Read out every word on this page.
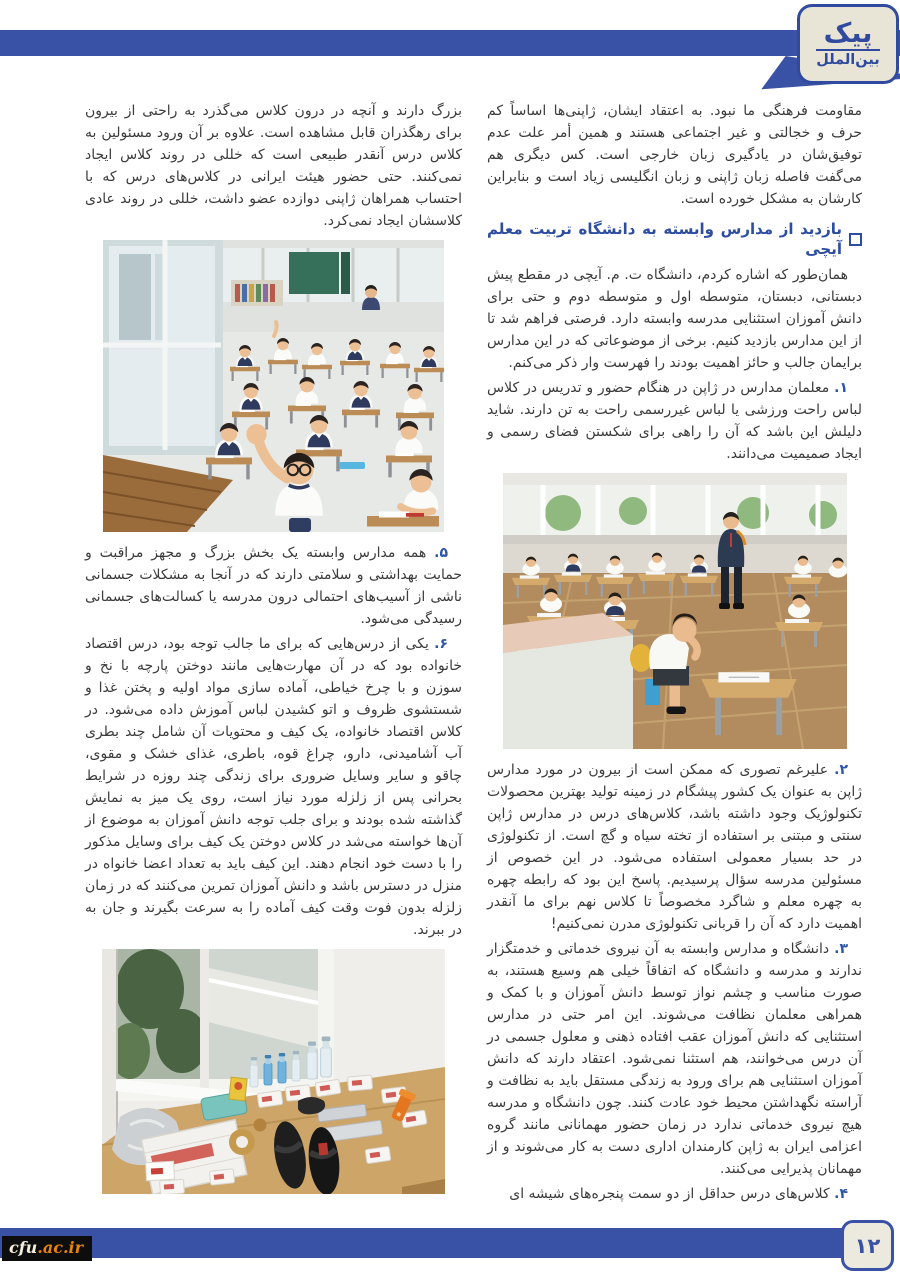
پیک
بین‌الملل

مقاومت فرهنگی ما نبود. به اعتقاد ایشان، ژاپنی‌ها اساساً کم حرف و خجالتی و غیر اجتماعی هستند و همین أمر علت عدم توفیق‌شان در یادگیری زبان خارجی است. کس دیگری هم می‌گفت فاصله زبان ژاپنی و زبان انگلیسی زیاد است و بنابراین کارشان به مشکل خورده است.

بازدید از مدارس وابسته به دانشگاه تربیت معلم آیچی

همان‌طور که اشاره کردم، دانشگاه ت. م. آیچی در مقطع پیش دبستانی، دبستان، متوسطه اول و متوسطه دوم و حتی برای دانش آموزان استثنایی مدرسه وابسته دارد. فرصتی فراهم شد تا از این مدارس بازدید کنیم. برخی از موضوعاتی که در این مدارس برایمان جالب و حائز اهمیت بودند را فهرست وار ذکر می‌کنم.

۱. معلمان مدارس در ژاپن در هنگام حضور و تدریس در کلاس لباس راحت ورزشی یا لباس غیررسمی راحت به تن دارند. شاید دلیلش این باشد که آن را راهی برای شکستن فضای رسمی و ایجاد صمیمیت می‌دانند.

۲. علیرغم تصوری که ممکن است از بیرون در مورد مدارس ژاپن به عنوان یک کشور پیشگام در زمینه تولید بهترین محصولات تکنولوژیک وجود داشته باشد، کلاس‌های درس در مدارس ژاپن سنتی و مبتنی بر استفاده از تخته سیاه و گچ است. از تکنولوژی در حد بسیار معمولی استفاده می‌شود. در این خصوص از مسئولین مدرسه سؤال پرسیدیم. پاسخ این بود که رابطه چهره به چهره معلم و شاگرد مخصوصاً تا کلاس نهم برای ما آنقدر اهمیت دارد که آن را قربانی تکنولوژی مدرن نمی‌کنیم!

۳. دانشگاه و مدارس وابسته به آن نیروی خدماتی و خدمتگزار ندارند و مدرسه و دانشگاه که اتفاقاً خیلی هم وسیع هستند، به صورت مناسب و چشم نواز توسط دانش آموزان و با کمک و همراهی معلمان نظافت می‌شوند. این امر حتی در مدارس استثنایی که دانش آموزان عقب افتاده ذهنی و معلول جسمی در آن درس می‌خوانند، هم استثنا نمی‌شود. اعتقاد دارند که دانش آموزان استثنایی هم برای ورود به زندگی مستقل باید به نظافت و آراسته نگهداشتن محیط خود عادت کنند. چون دانشگاه و مدرسه هیچ نیروی خدماتی ندارد در زمان حضور مهمانانی مانند گروه اعزامی ایران به ژاپن کارمندان اداری دست به کار می‌شوند و از مهمانان پذیرایی می‌کنند.

۴. کلاس‌های درس حداقل از دو سمت پنجره‌های شیشه ای

بزرگ دارند و آنچه در درون کلاس می‌گذرد به راحتی از بیرون برای رهگذران قابل مشاهده است. علاوه بر آن ورود مسئولین به کلاس درس آنقدر طبیعی است که خللی در روند کلاس ایجاد نمی‌کنند. حتی حضور هیئت ایرانی در کلاس‌های درس که با احتساب همراهان ژاپنی دوازده عضو داشت، خللی در روند عادی کلاسشان ایجاد نمی‌کرد.

۵. همه مدارس وابسته یک بخش بزرگ و مجهز مراقبت و حمایت بهداشتی و سلامتی دارند که در آنجا به مشکلات جسمانی ناشی از آسیب‌های احتمالی درون مدرسه یا کسالت‌های جسمانی رسیدگی می‌شود.

۶. یکی از درس‌هایی که برای ما جالب توجه بود، درس اقتصاد خانواده بود که در آن مهارت‌هایی مانند دوختن پارچه با نخ و سوزن و با چرخ خیاطی، آماده سازی مواد اولیه و پختن غذا و شستشوی ظروف و اتو کشیدن لباس آموزش داده می‌شود. در کلاس اقتصاد خانواده، یک کیف و محتویات آن شامل چند بطری آب آشامیدنی، دارو، چراغ قوه، باطری، غذای خشک و مقوی، چاقو و سایر وسایل ضروری برای زندگی چند روزه در شرایط بحرانی پس از زلزله مورد نیاز است، روی یک میز به نمایش گذاشته شده بودند و برای جلب توجه دانش آموزان به موضوع از آن‌ها خواسته می‌شد در کلاس دوختن یک کیف برای وسایل مذکور را با دست خود انجام دهند. این کیف باید به تعداد اعضا خانواه در منزل در دسترس باشد و دانش آموزان تمرین می‌کنند که در زمان زلزله بدون فوت وقت کیف آماده را به سرعت بگیرند و جان به در ببرند.

۱۲
cfu.ac.ir
